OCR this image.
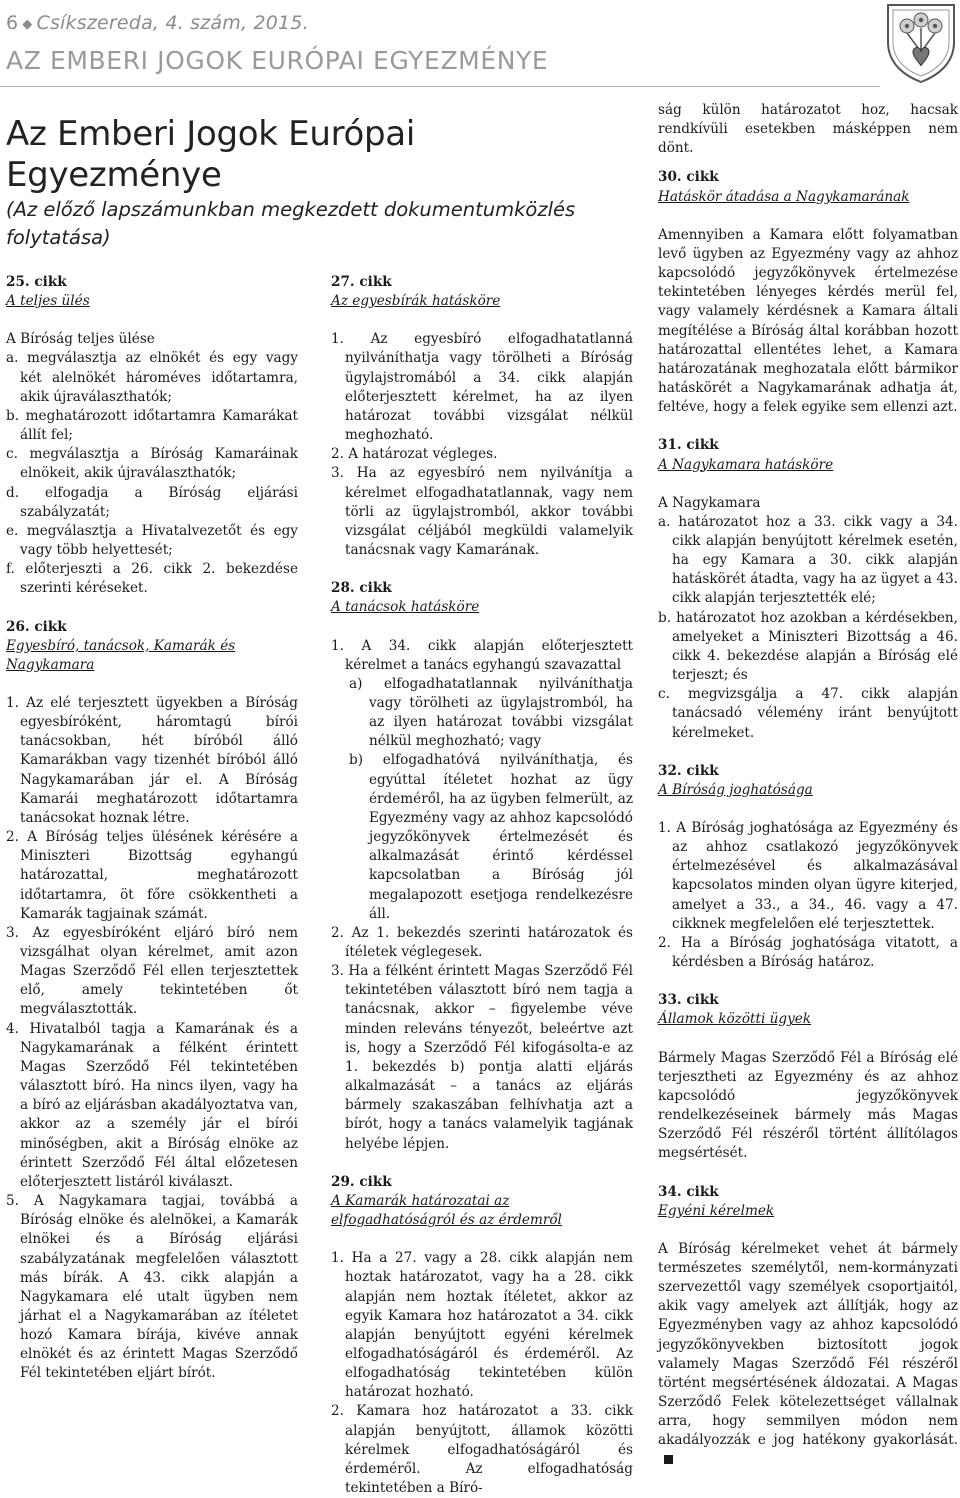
6 ◆ Csíkszereda, 4. szám, 2015.
AZ EMBERI JOGOK EURÓPAI EGYEZMÉNYE
Az Emberi Jogok Európai Egyezménye
(Az előző lapszámunkban megkezdett dokumentumközlés folytatása)
25. cikk
A teljes ülés
A Bíróság teljes ülése
a. megválasztja az elnökét és egy vagy két alelnökét hároméves időtartamra, akik újraválaszthatók;
b. meghatározott időtartamra Kamarákat állít fel;
c. megválasztja a Bíróság Kamaráinak elnökeit, akik újraválaszthatók;
d. elfogadja a Bíróság eljárási szabályzatát;
e. megválasztja a Hivatalvezetőt és egy vagy több helyettesét;
f. előterjeszti a 26. cikk 2. bekezdése szerinti kéréseket.
26. cikk
Egyesbíró, tanácsok, Kamarák és Nagykamara
1. Az elé terjesztett ügyekben a Bíróság egyesbíróként, háromtagú bírói tanácsokban, hét bíróból álló Kamarákban vagy tizenhét bíróból álló Nagykamarában jár el. A Bíróság Kamarái meghatározott időtartamra tanácsokat hoznak létre.
2. A Bíróság teljes ülésének kérésére a Miniszteri Bizottság egyhangú határozattal, meghatározott időtartamra, öt főre csökkentheti a Kamarák tagjainak számát.
3. Az egyesbíróként eljáró bíró nem vizsgálhat olyan kérelmet, amit azon Magas Szerződő Fél ellen terjesztettek elő, amely tekintetében őt megválasztották.
4. Hivatalból tagja a Kamarának és a Nagykamarának a félként érintett Magas Szerződő Fél tekintetében választott bíró. Ha nincs ilyen, vagy ha a bíró az eljárásban akadályoztatva van, akkor az a személy jár el bírói minőségben, akit a Bíróság elnöke az érintett Szerződő Fél által előzetesen előterjesztett listáról kiválaszt.
5. A Nagykamara tagjai, továbbá a Bíróság elnöke és alelnökei, a Kamarák elnökei és a Bíróság eljárási szabályzatának megfelelően választott más bírák. A 43. cikk alapján a Nagykamara elé utalt ügyben nem járhat el a Nagykamarában az ítéletet hozó Kamara bírája, kivéve annak elnökét és az érintett Magas Szerződő Fél tekintetében eljárt bírót.
27. cikk
Az egyesbírák hatásköre
1. Az egyesbíró elfogadhatatlanná nyilváníthatja vagy törölheti a Bíróság ügylajstromából a 34. cikk alapján előterjesztett kérelmet, ha az ilyen határozat további vizsgálat nélkül meghozható.
2. A határozat végleges.
3. Ha az egyesbíró nem nyilvánítja a kérelmet elfogadhatatlannak, vagy nem törli az ügylajstromból, akkor további vizsgálat céljából megküldi valamelyik tanácsnak vagy Kamarának.
28. cikk
A tanácsok hatásköre
1. A 34. cikk alapján előterjesztett kérelmet a tanács egyhangú szavazattal
a) elfogadhatatlannak nyilváníthatja vagy törölheti az ügylajstromból, ha az ilyen határozat további vizsgálat nélkül meghozható; vagy
b) elfogadhatóvá nyilváníthatja, és egyúttal ítéletet hozhat az ügy érdeméről, ha az ügyben felmerült, az Egyezmény vagy az ahhoz kapcsolódó jegyzőkönyvek értelmezését és alkalmazását érintő kérdéssel kapcsolatban a Bíróság jól megalapozott esetjoga rendelkezésre áll.
2. Az 1. bekezdés szerinti határozatok és ítéletek véglegesek.
3. Ha a félként érintett Magas Szerződő Fél tekintetében választott bíró nem tagja a tanácsnak, akkor – figyelembe véve minden releváns tényezőt, beleértve azt is, hogy a Szerződő Fél kifogásolta-e az 1. bekezdés b) pontja alatti eljárás alkalmazását – a tanács az eljárás bármely szakaszában felhívhatja azt a bírót, hogy a tanács valamelyik tagjának helyébe lépjen.
29. cikk
A Kamarák határozatai az elfogadhatóságról és az érdemről
1. Ha a 27. vagy a 28. cikk alapján nem hoztak határozatot, vagy ha a 28. cikk alapján nem hoztak ítéletet, akkor az egyik Kamara hoz határozatot a 34. cikk alapján benyújtott egyéni kérelmek elfogadhatóságáról és érdeméről. Az elfogadhatóság tekintetében külön határozat hozható.
2. Kamara hoz határozatot a 33. cikk alapján benyújtott, államok közötti kérelmek elfogadhatóságáról és érdeméről. Az elfogadhatóság tekintetében a Bíró-

ság külön határozatot hoz, hacsak rendkívüli esetekben másképpen nem dönt.

30. cikk
Hatáskör átadása a Nagykamarának

Amennyiben a Kamara előtt folyamatban levő ügyben az Egyezmény vagy az ahhoz kapcsolódó jegyzőkönyvek értelmezése tekintetében lényeges kérdés merül fel, vagy valamely kérdésnek a Kamara általi megítélése a Bíróság által korábban hozott határozattal ellentétes lehet, a Kamara határozatának meghozatala előtt bármikor hatáskörét a Nagykamarának adhatja át, feltéve, hogy a felek egyike sem ellenzi azt.

31. cikk
A Nagykamara hatásköre
A Nagykamara
a. határozatot hoz a 33. cikk vagy a 34. cikk alapján benyújtott kérelmek esetén, ha egy Kamara a 30. cikk alapján hatáskörét átadta, vagy ha az ügyet a 43. cikk alapján terjesztették elé;
b. határozatot hoz azokban a kérdésekben, amelyeket a Miniszteri Bizottság a 46. cikk 4. bekezdése alapján a Bíróság elé terjeszt; és
c. megvizsgálja a 47. cikk alapján tanácsadó vélemény iránt benyújtott kérelmeket.
32. cikk
A Bíróság joghatósága
1. A Bíróság joghatósága az Egyezmény és az ahhoz csatlakozó jegyzőkönyvek értelmezésével és alkalmazásával kapcsolatos minden olyan ügyre kiterjed, amelyet a 33., a 34., 46. vagy a 47. cikknek megfelelően elé terjesztettek.
2. Ha a Bíróság joghatósága vitatott, a kérdésben a Bíróság határoz.
33. cikk
Államok közötti ügyek

Bármely Magas Szerződő Fél a Bíróság elé terjesztheti az Egyezmény és az ahhoz kapcsolódó jegyzőkönyvek rendelkezéseinek bármely más Magas Szerződő Fél részéről történt állítólagos megsértését.

34. cikk
Egyéni kérelmek

A Bíróság kérelmeket vehet át bármely természetes személytől, nem-kormányzati szervezettől vagy személyek csoportjaitól, akik vagy amelyek azt állítják, hogy az Egyezményben vagy az ahhoz kapcsolódó jegyzőkönyvekben biztosított jogok valamely Magas Szerződő Fél részéről történt megsértésének áldozatai. A Magas Szerződő Felek kötelezettséget vállalnak arra, hogy semmilyen módon nem akadályozzák e jog hatékony gyakorlását.
